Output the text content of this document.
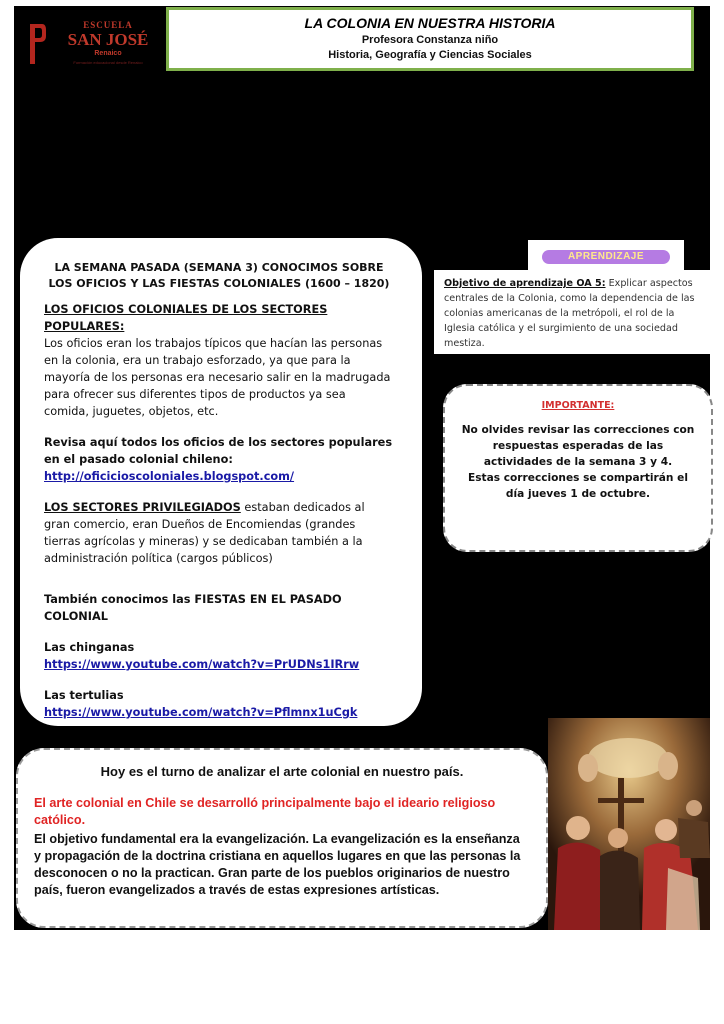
ESCUELA
SAN JOSÉ
Renaico
Formación educacional desde Renaico
LA COLONIA EN NUESTRA HISTORIA
Profesora Constanza niño
Historia, Geografía y Ciencias Sociales

LA SEMANA PASADA (SEMANA 3) CONOCIMOS SOBRE LOS OFICIOS Y LAS FIESTAS COLONIALES (1600 – 1820)

LOS OFICIOS COLONIALES DE LOS SECTORES POPULARES:
Los oficios eran los trabajos típicos que hacían las personas en la colonia, era un trabajo esforzado, ya que para la mayoría de los personas era necesario salir en la madrugada para ofrecer sus diferentes tipos de productos ya sea comida, juguetes, objetos, etc.

Revisa aquí todos los oficios de los sectores populares en el pasado colonial chileno:

http://oficicioscoloniales.blogspot.com/

LOS SECTORES PRIVILEGIADOS estaban dedicados al gran comercio, eran Dueños de Encomiendas (grandes tierras agrícolas y mineras) y se dedicaban también a la administración política (cargos públicos)

También conocimos las FIESTAS EN EL PASADO COLONIAL

Las chinganas

https://www.youtube.com/watch?v=PrUDNs1IRrw

Las tertulias

https://www.youtube.com/watch?v=Pflmnx1uCgk

APRENDIZAJE
Objetivo de aprendizaje OA 5: Explicar aspectos centrales de la Colonia, como la dependencia de las colonias americanas de la metrópoli, el rol de la Iglesia católica y el surgimiento de una sociedad mestiza.
IMPORTANTE:
No olvides revisar las correcciones con respuestas esperadas de las actividades de la semana 3 y 4.
Estas correcciones se compartirán el día jueves 1 de octubre.
Hoy es el turno de analizar el arte colonial en nuestro país.

El arte colonial en Chile se desarrolló principalmente bajo el ideario religioso católico.

El objetivo fundamental era la evangelización. La evangelización es la enseñanza y propagación de la doctrina cristiana en aquellos lugares en que las personas la desconocen o no la practican. Gran parte de los pueblos originarios de nuestro país, fueron evangelizados a través de estas expresiones artísticas.
